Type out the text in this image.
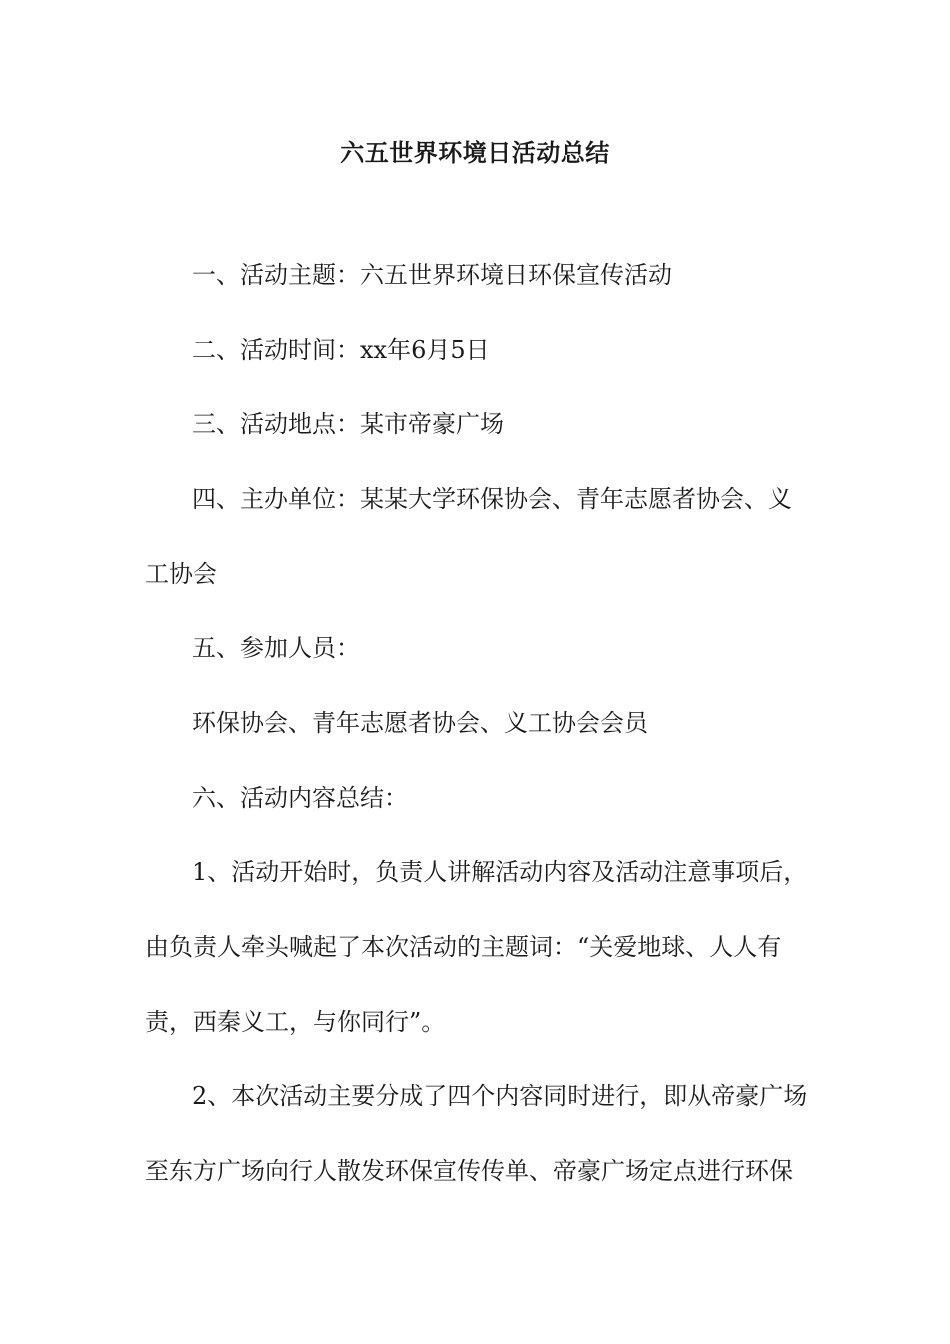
六五世界环境日活动总结
一、活动主题：六五世界环境日环保宣传活动
二、活动时间：xx年6月5日
三、活动地点：某市帝豪广场
四、主办单位：某某大学环保协会、青年志愿者协会、义
工协会
五、参加人员：
环保协会、青年志愿者协会、义工协会会员
六、活动内容总结：
1、活动开始时，负责人讲解活动内容及活动注意事项后，
由负责人牵头喊起了本次活动的主题词：“关爱地球、人人有
责，西秦义工，与你同行”。
2、本次活动主要分成了四个内容同时进行，即从帝豪广场
至东方广场向行人散发环保宣传传单、帝豪广场定点进行环保
